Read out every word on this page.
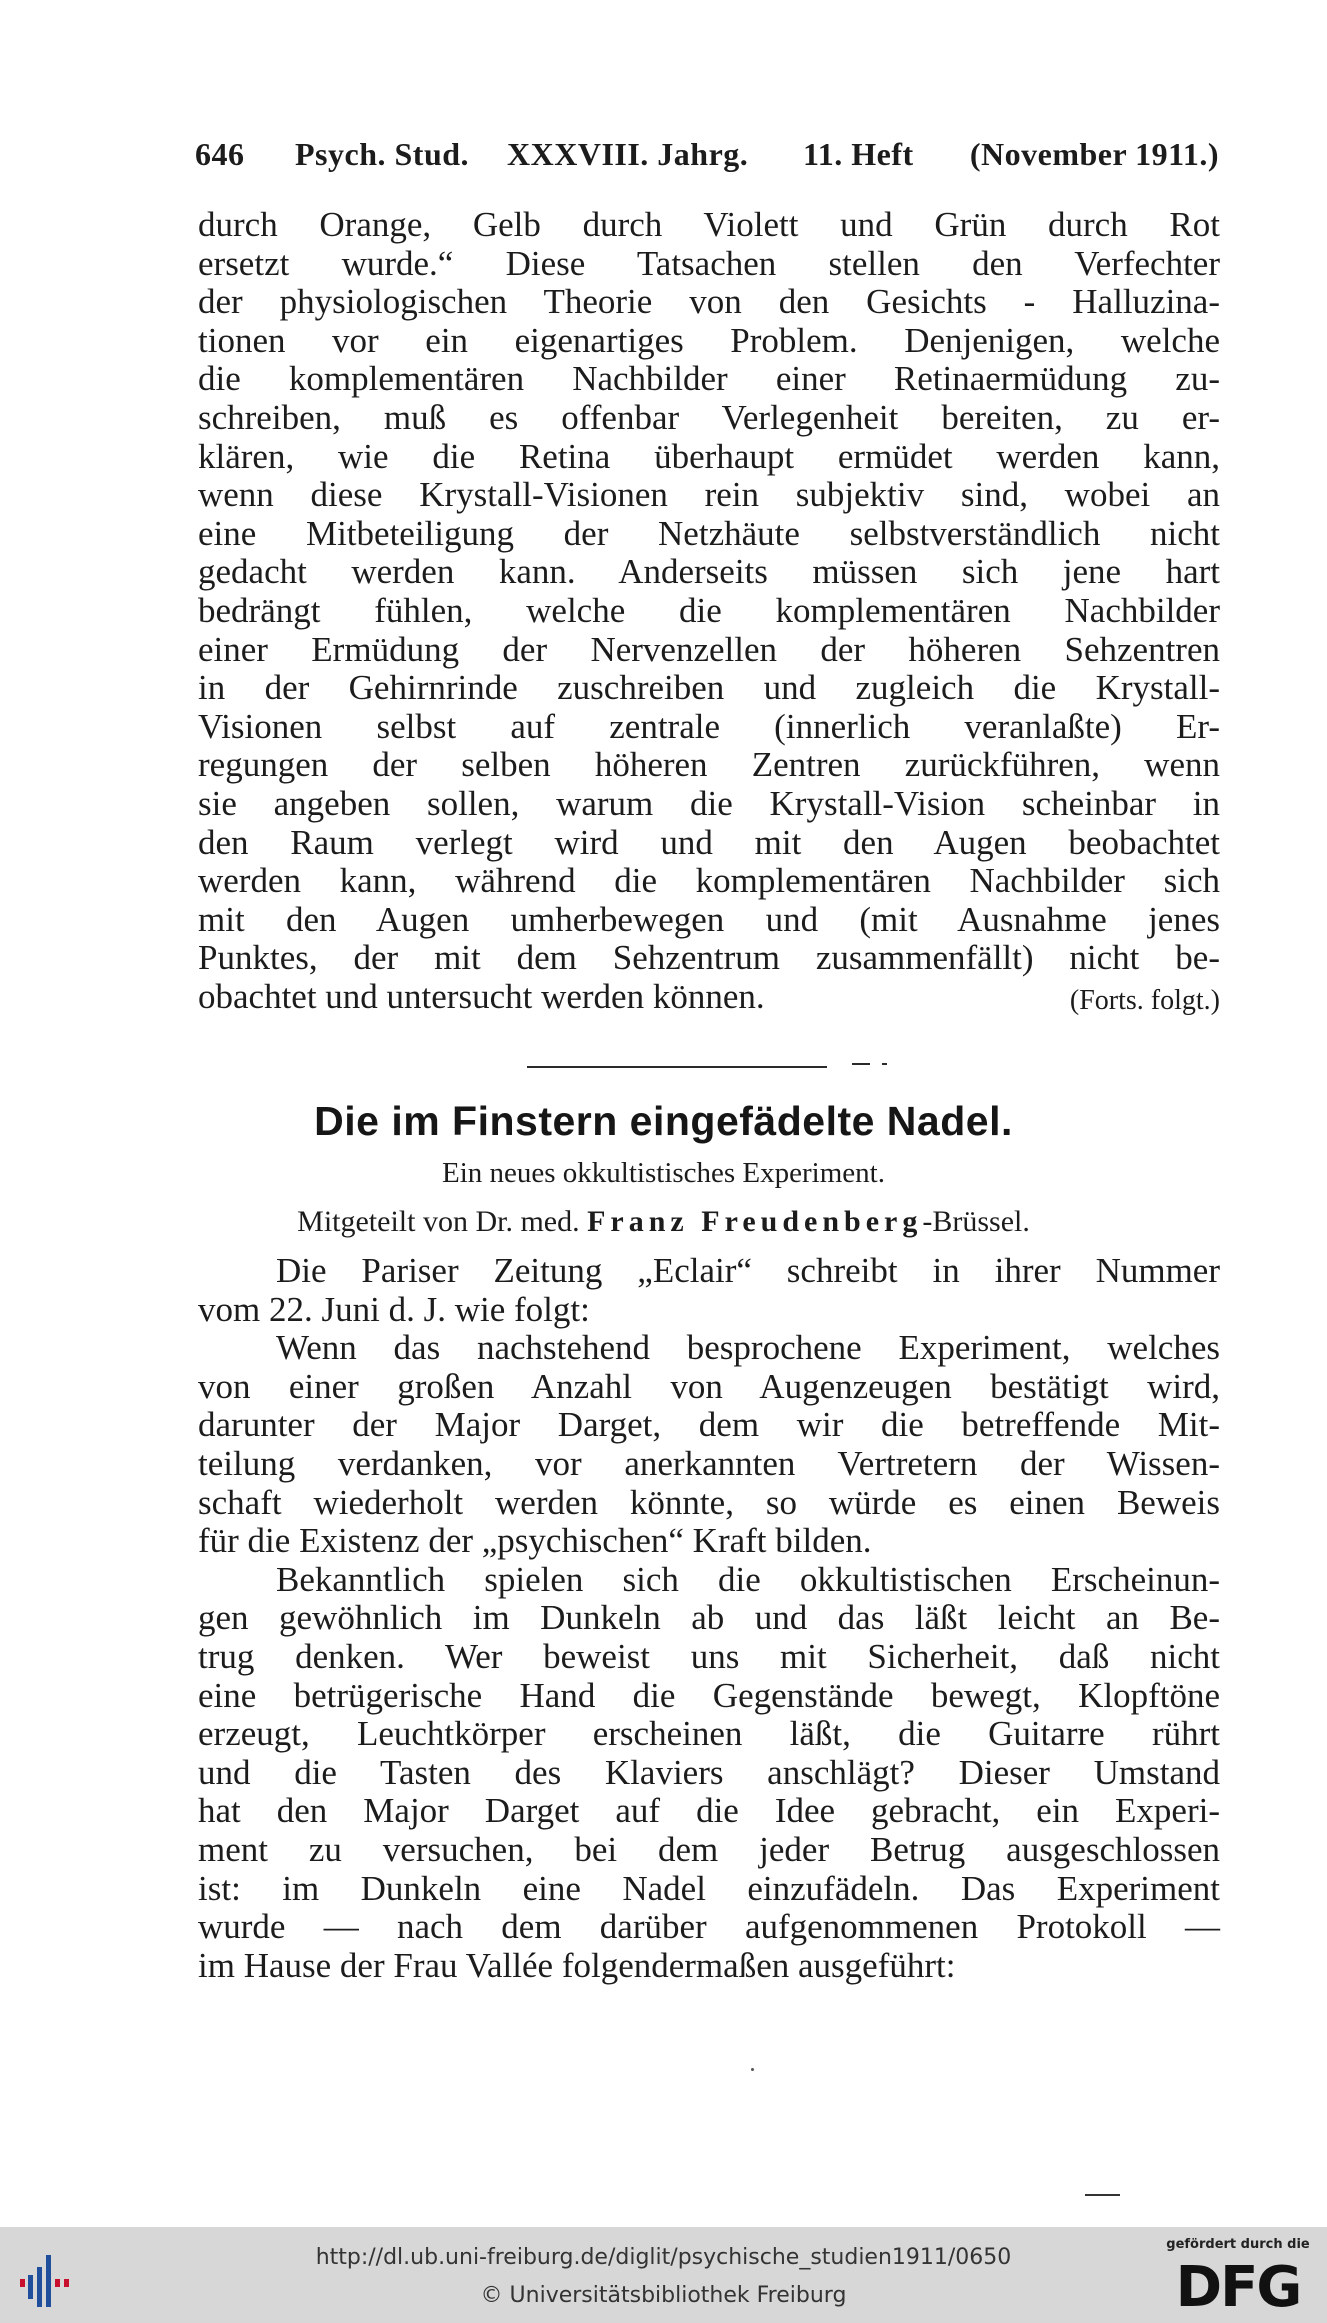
646 Psych. Stud. XXXVIII. Jahrg. 11. Heft (November 1911.)
durch Orange, Gelb durch Violett und Grün durch Rot
ersetzt wurde.“ Diese Tatsachen stellen den Verfechter
der physiologischen Theorie von den Gesichts - Halluzina-
tionen vor ein eigenartiges Problem. Denjenigen, welche
die komplementären Nachbilder einer Retinaermüdung zu-
schreiben, muß es offenbar Verlegenheit bereiten, zu er-
klären, wie die Retina überhaupt ermüdet werden kann,
wenn diese Krystall-Visionen rein subjektiv sind, wobei an
eine Mitbeteiligung der Netzhäute selbstverständlich nicht
gedacht werden kann. Anderseits müssen sich jene hart
bedrängt fühlen, welche die komplementären Nachbilder
einer Ermüdung der Nervenzellen der höheren Sehzentren
in der Gehirnrinde zuschreiben und zugleich die Krystall-
Visionen selbst auf zentrale (innerlich veranlaßte) Er-
regungen der selben höheren Zentren zurückführen, wenn
sie angeben sollen, warum die Krystall-Vision scheinbar in
den Raum verlegt wird und mit den Augen beobachtet
werden kann, während die komplementären Nachbilder sich
mit den Augen umherbewegen und (mit Ausnahme jenes
Punktes, der mit dem Sehzentrum zusammenfällt) nicht be-
obachtet und untersucht werden können.	(Forts. folgt.)
Die im Finstern eingefädelte Nadel.
Ein neues okkultistisches Experiment.
Mitgeteilt von Dr. med. Franz Freudenberg-Brüssel.
Die Pariser Zeitung „Eclair“ schreibt in ihrer Nummer
vom 22. Juni d. J. wie folgt:
Wenn das nachstehend besprochene Experiment, welches
von einer großen Anzahl von Augenzeugen bestätigt wird,
darunter der Major Darget, dem wir die betreffende Mit-
teilung verdanken, vor anerkannten Vertretern der Wissen-
schaft wiederholt werden könnte, so würde es einen Beweis
für die Existenz der „psychischen“ Kraft bilden.
Bekanntlich spielen sich die okkultistischen Erscheinun-
gen gewöhnlich im Dunkeln ab und das läßt leicht an Be-
trug denken. Wer beweist uns mit Sicherheit, daß nicht
eine betrügerische Hand die Gegenstände bewegt, Klopftöne
erzeugt, Leuchtkörper erscheinen läßt, die Guitarre rührt
und die Tasten des Klaviers anschlägt? Dieser Umstand
hat den Major Darget auf die Idee gebracht, ein Experi-
ment zu versuchen, bei dem jeder Betrug ausgeschlossen
ist: im Dunkeln eine Nadel einzufädeln. Das Experiment
wurde — nach dem darüber aufgenommenen Protokoll —
im Hause der Frau Vallée folgendermaßen ausgeführt:
http://dl.ub.uni-freiburg.de/diglit/psychische_studien1911/0650
© Universitätsbibliothek Freiburg
gefördert durch die
DFG
